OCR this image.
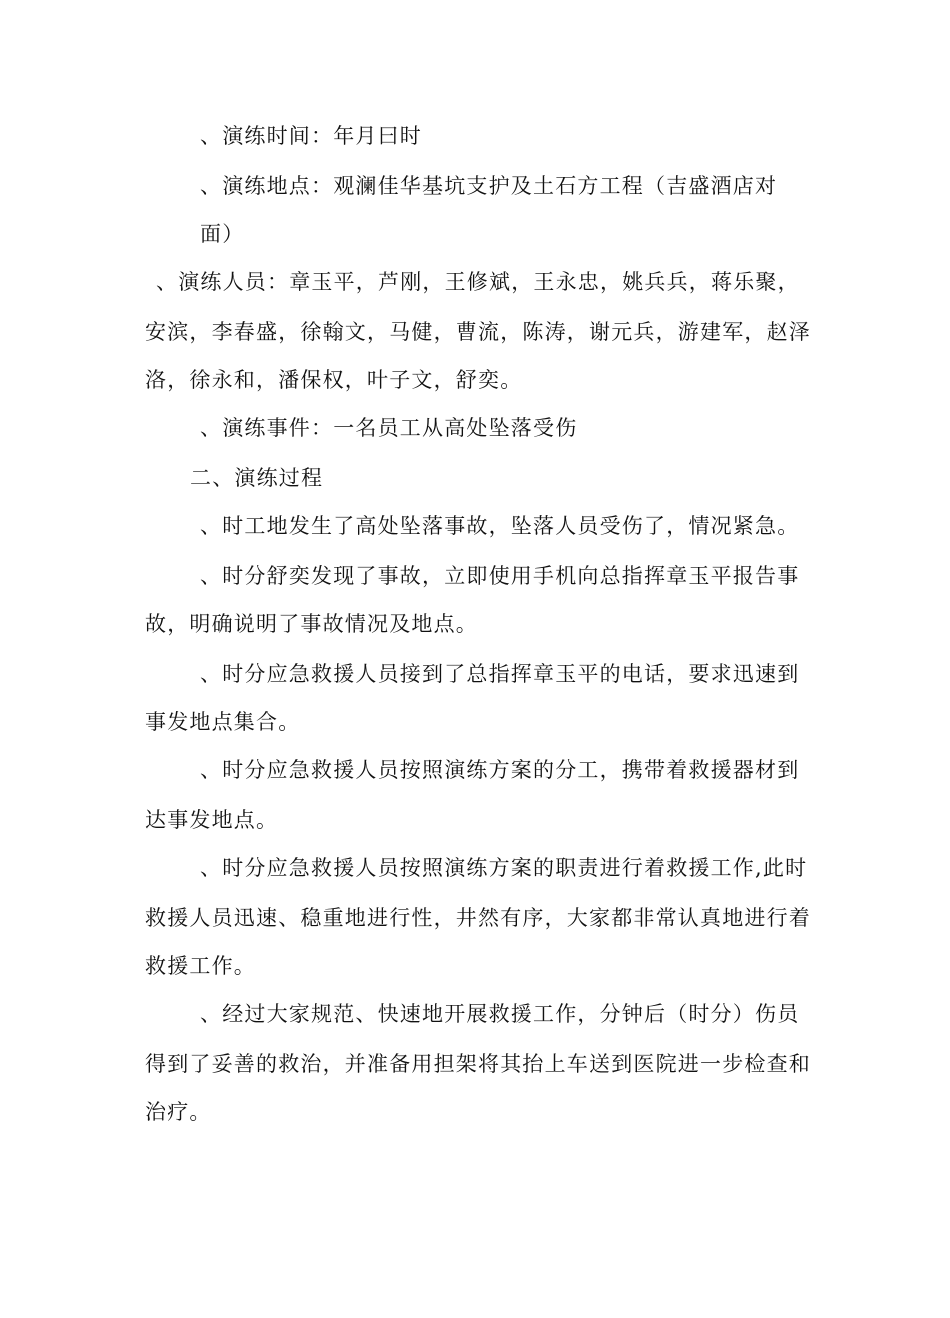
、演练时间：年月曰时
、演练地点：观澜佳华基坑支护及土石方工程（吉盛酒店对
面）
、演练人员：章玉平，芦刚，王修斌，王永忠，姚兵兵，蒋乐聚，
安滨，李春盛，徐翰文，马健，曹流，陈涛，谢元兵，游建军，赵泽
洛，徐永和，潘保权，叶子文，舒奕。
、演练事件：一名员工从高处坠落受伤
二、演练过程
、时工地发生了高处坠落事故，坠落人员受伤了，情况紧急。
、时分舒奕发现了事故，立即使用手机向总指挥章玉平报告事
故，明确说明了事故情况及地点。
、时分应急救援人员接到了总指挥章玉平的电话，要求迅速到
事发地点集合。
、时分应急救援人员按照演练方案的分工，携带着救援器材到
达事发地点。
、时分应急救援人员按照演练方案的职责进行着救援工作,此时
救援人员迅速、稳重地进行性，井然有序，大家都非常认真地进行着
救援工作。
、经过大家规范、快速地开展救援工作，分钟后（时分）伤员
得到了妥善的救治，并准备用担架将其抬上车送到医院进一步检查和
治疗。
